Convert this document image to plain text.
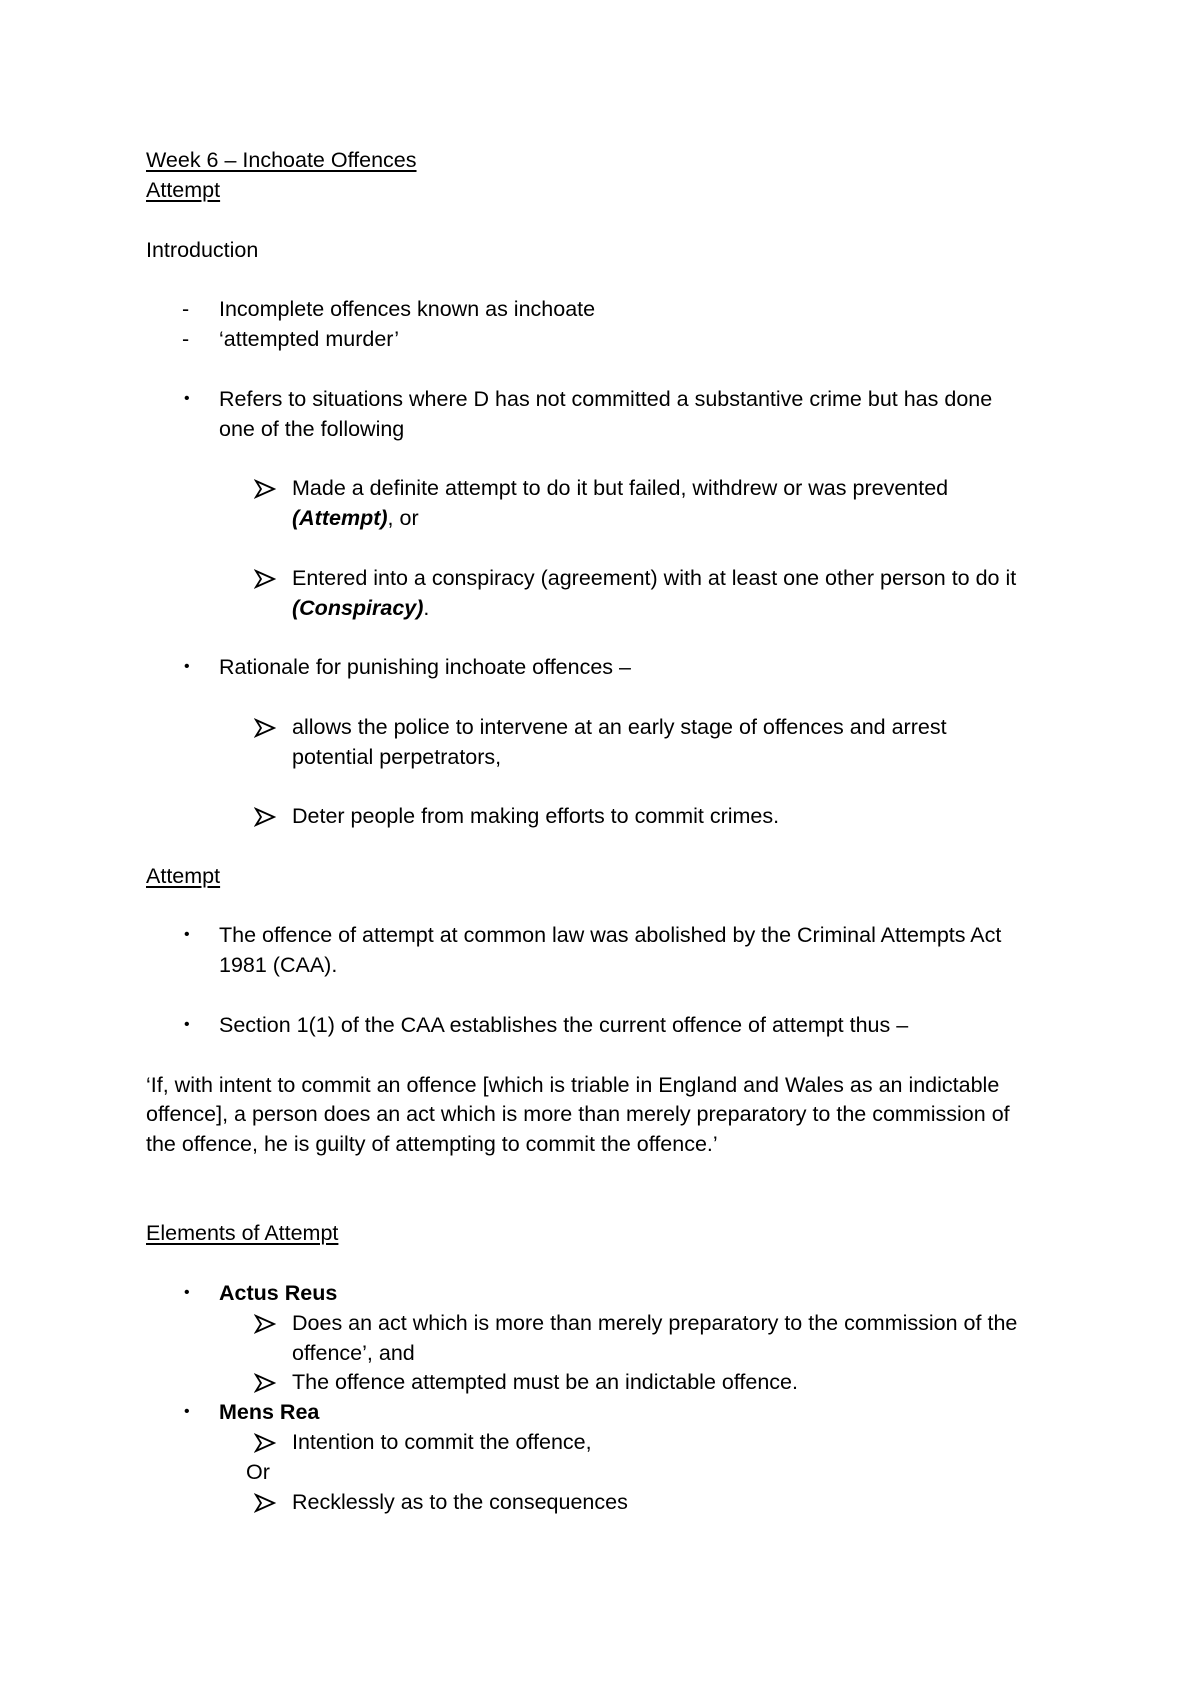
Week 6 – Inchoate Offences

Attempt

Introduction

- Incomplete offences known as inchoate

- ‘attempted murder’

• Refers to situations where D has not committed a substantive crime but has done

one of the following

Made a definite attempt to do it but failed, withdrew or was prevented

(Attempt), or

Entered into a conspiracy (agreement) with at least one other person to do it

(Conspiracy).

• Rationale for punishing inchoate offences –

allows the police to intervene at an early stage of offences and arrest

potential perpetrators,

Deter people from making efforts to commit crimes.

Attempt

• The offence of attempt at common law was abolished by the Criminal Attempts Act

1981 (CAA).

• Section 1(1) of the CAA establishes the current offence of attempt thus –

‘If, with intent to commit an offence [which is triable in England and Wales as an indictable

offence], a person does an act which is more than merely preparatory to the commission of

the offence, he is guilty of attempting to commit the offence.’

Elements of Attempt

• Actus Reus

Does an act which is more than merely preparatory to the commission of the

offence’, and

The offence attempted must be an indictable offence.

• Mens Rea

Intention to commit the offence,

Or

Recklessly as to the consequences
